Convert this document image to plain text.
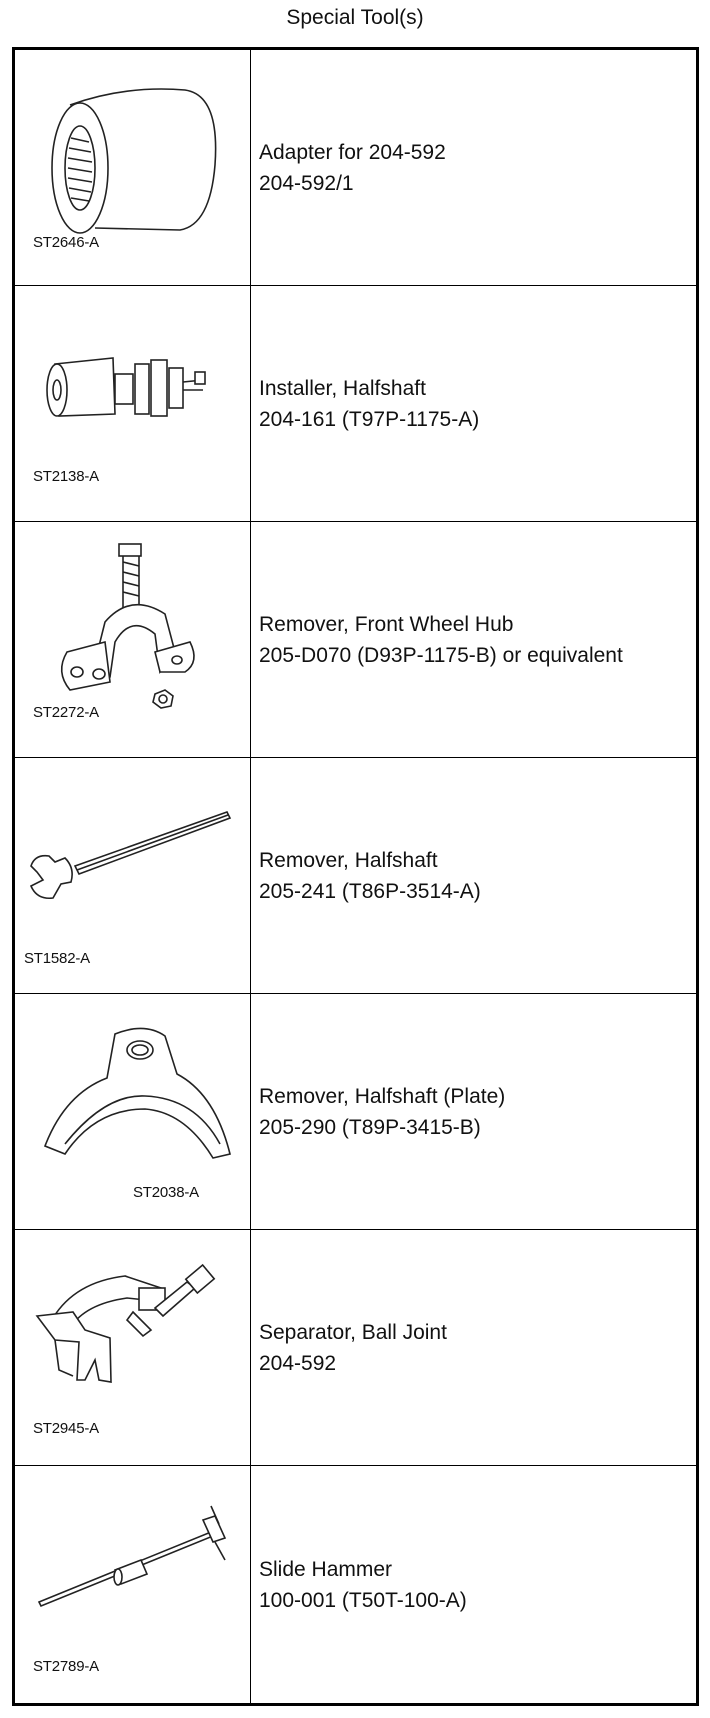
Special Tool(s)
ST2646-A
Adapter for 204-592
204-592/1
ST2138-A
Installer, Halfshaft
204-161 (T97P-1175-A)
ST2272-A
Remover, Front Wheel Hub
205-D070 (D93P-1175-B) or equivalent
ST1582-A
Remover, Halfshaft
205-241 (T86P-3514-A)
ST2038-A
Remover, Halfshaft (Plate)
205-290 (T89P-3415-B)
ST2945-A
Separator, Ball Joint
204-592
ST2789-A
Slide Hammer
100-001 (T50T-100-A)
